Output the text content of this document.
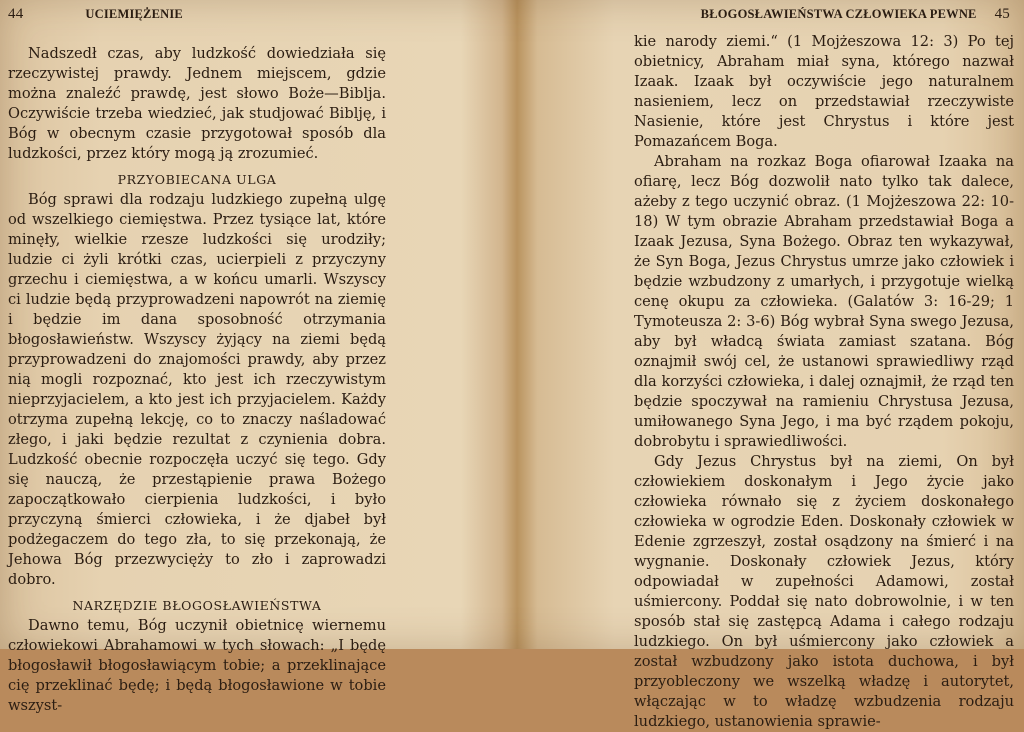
44	UCIEMIĘŻENIE

Nadszedł czas, aby ludzkość dowiedziała się rzeczywistej prawdy. Jednem miejscem, gdzie można znaleźć prawdę, jest słowo Boże—Biblja. Oczywiście trzeba wiedzieć, jak studjować Biblję, i Bóg w obecnym czasie przygotował sposób dla ludzkości, przez który mogą ją zrozumieć.

PRZYOBIECANA ULGA

Bóg sprawi dla rodzaju ludzkiego zupełną ulgę od wszelkiego ciemięstwa. Przez tysiące lat, które minęły, wielkie rzesze ludzkości się urodziły; ludzie ci żyli krótki czas, ucierpieli z przyczyny grzechu i ciemięstwa, a w końcu umarli. Wszyscy ci ludzie będą przyprowadzeni napowrót na ziemię i będzie im dana sposobność otrzymania błogosławieństw. Wszyscy żyjący na ziemi będą przyprowadzeni do znajomości prawdy, aby przez nią mogli rozpoznać, kto jest ich rzeczywistym nieprzyjacielem, a kto jest ich przyjacielem. Każdy otrzyma zupełną lekcję, co to znaczy naśladować złego, i jaki będzie rezultat z czynienia dobra. Ludzkość obecnie rozpoczęła uczyć się tego. Gdy się nauczą, że przestąpienie prawa Bożego zapoczątkowało cierpienia ludzkości, i było przyczyną śmierci człowieka, i że djabeł był podżegaczem do tego zła, to się przekonają, że Jehowa Bóg przezwycięży to zło i zaprowadzi dobro.

NARZĘDZIE BŁOGOSŁAWIEŃSTWA

Dawno temu, Bóg uczynił obietnicę wiernemu człowiekowi Abrahamowi w tych słowach: „I będę błogosławił błogosławiącym tobie; a przeklinające cię przeklinać będę; i będą błogosławione w tobie wszyst-

BŁOGOSŁAWIEŃSTWA CZŁOWIEKA PEWNE 45

kie narody ziemi.“ (1 Mojżeszowa 12: 3) Po tej obietnicy, Abraham miał syna, którego nazwał Izaak. Izaak był oczywiście jego naturalnem nasieniem, lecz on przedstawiał rzeczywiste Nasienie, które jest Chrystus i które jest Pomazańcem Boga.

Abraham na rozkaz Boga ofiarował Izaaka na ofiarę, lecz Bóg dozwolił nato tylko tak dalece, ażeby z tego uczynić obraz. (1 Mojżeszowa 22: 10-18) W tym obrazie Abraham przedstawiał Boga a Izaak Jezusa, Syna Bożego. Obraz ten wykazywał, że Syn Boga, Jezus Chrystus umrze jako człowiek i będzie wzbudzony z umarłych, i przygotuje wielką cenę okupu za człowieka. (Galatów 3: 16-29; 1 Tymoteusza 2: 3-6) Bóg wybrał Syna swego Jezusa, aby był władcą świata zamiast szatana. Bóg oznajmił swój cel, że ustanowi sprawiedliwy rząd dla korzyści człowieka, i dalej oznajmił, że rząd ten będzie spoczywał na ramieniu Chrystusa Jezusa, umiłowanego Syna Jego, i ma być rządem pokoju, dobrobytu i sprawiedliwości.

Gdy Jezus Chrystus był na ziemi, On był człowiekiem doskonałym i Jego życie jako człowieka równało się z życiem doskonałego człowieka w ogrodzie Eden. Doskonały człowiek w Edenie zgrzeszył, został osądzony na śmierć i na wygnanie. Doskonały człowiek Jezus, który odpowiadał w zupełności Adamowi, został uśmiercony. Poddał się nato dobrowolnie, i w ten sposób stał się zastępcą Adama i całego rodzaju ludzkiego. On był uśmiercony jako człowiek a został wzbudzony jako istota duchowa, i był przyobleczony we wszelką władzę i autorytet, włączając w to władzę wzbudzenia rodzaju ludzkiego, ustanowienia sprawie-
